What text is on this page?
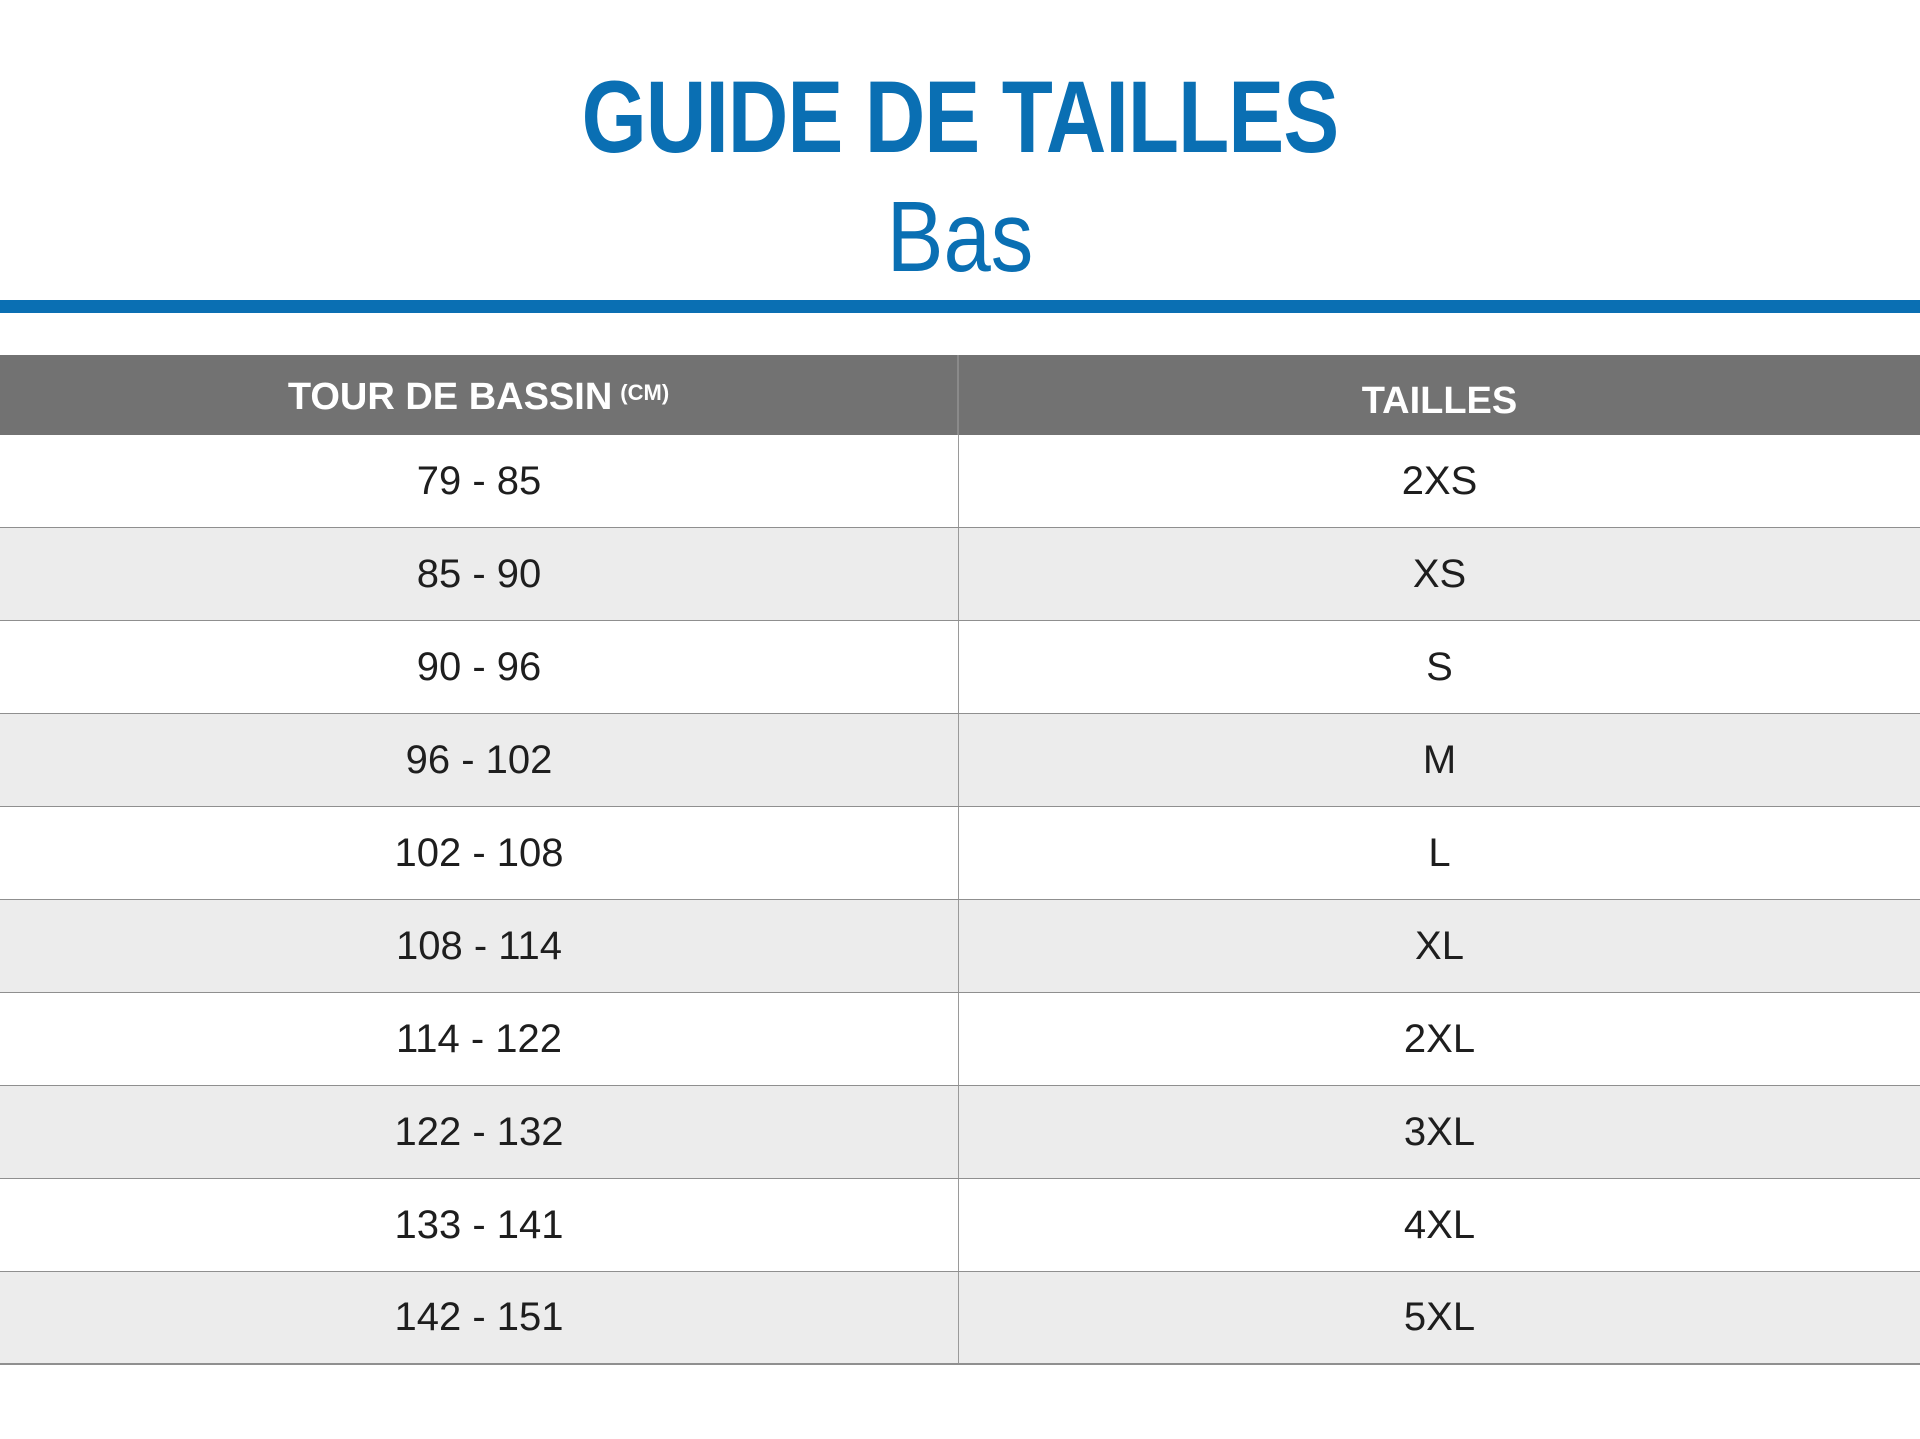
GUIDE DE TAILLES
Bas
TOUR DE BASSIN (CM)	TAILLES
79 - 85	2XS
85 - 90	XS
90 - 96	S
96 - 102	M
102 - 108	L
108 - 114	XL
114 - 122	2XL
122 - 132	3XL
133 - 141	4XL
142 - 151	5XL
